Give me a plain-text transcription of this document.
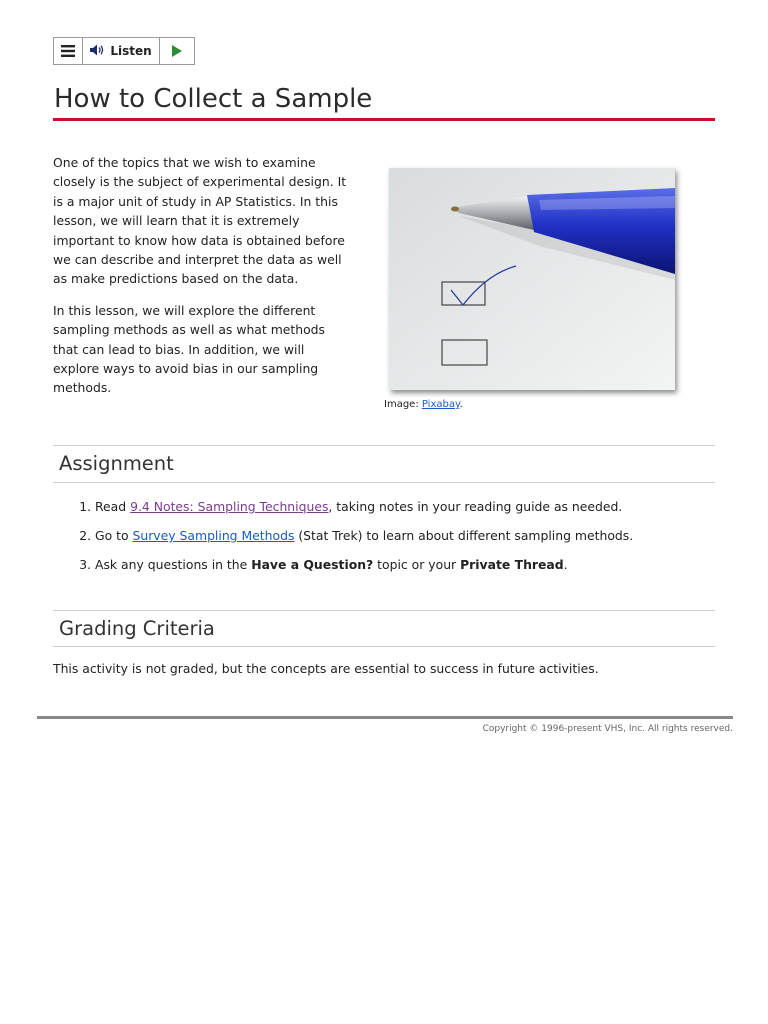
Listen
How to Collect a Sample

One of the topics that we wish to examine closely is the subject of experimental design. It is a major unit of study in AP Statistics. In this lesson, we will learn that it is extremely important to know how data is obtained before we can describe and interpret the data as well as make predictions based on the data.

In this lesson, we will explore the different sampling methods as well as what methods that can lead to bias. In addition, we will explore ways to avoid bias in our sampling methods.

Image: Pixabay.
Assignment
1. Read 9.4 Notes: Sampling Techniques, taking notes in your reading guide as needed.
2. Go to Survey Sampling Methods (Stat Trek) to learn about different sampling methods.
3. Ask any questions in the Have a Question? topic or your Private Thread.
Grading Criteria

This activity is not graded, but the concepts are essential to success in future activities.

Copyright © 1996-present VHS, Inc. All rights reserved.
